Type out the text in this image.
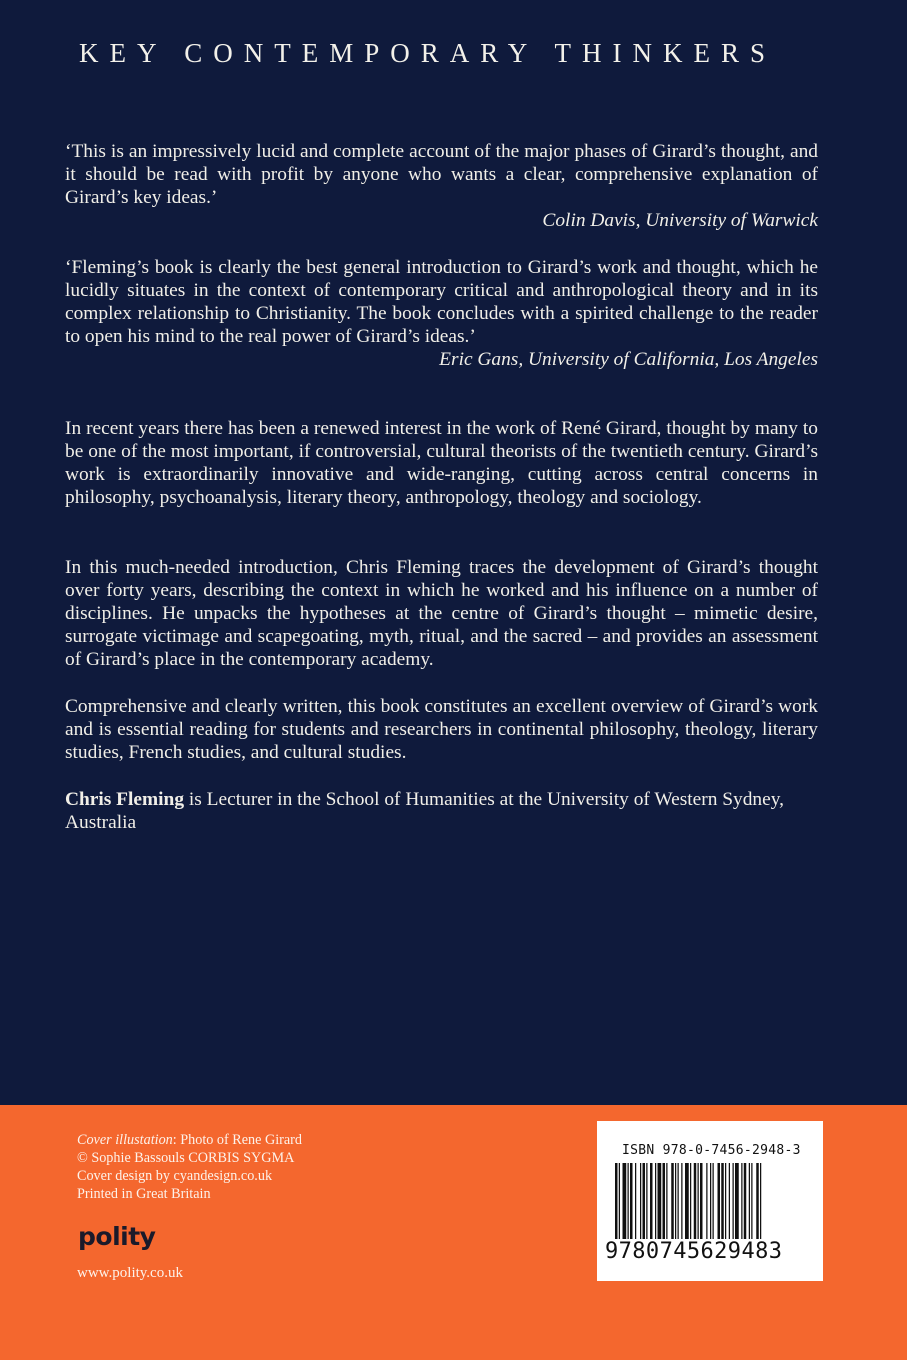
KEY CONTEMPORARY THINKERS
‘This is an impressively lucid and complete account of the major phases of Girard’s thought, and it should be read with profit by anyone who wants a clear, comprehensive explanation of Girard’s key ideas.’
Colin Davis, University of Warwick
‘Fleming’s book is clearly the best general introduction to Girard’s work and thought, which he lucidly situates in the context of contemporary critical and anthropological theory and in its complex relationship to Christianity. The book concludes with a spirited challenge to the reader to open his mind to the real power of Girard’s ideas.’
Eric Gans, University of California, Los Angeles
In recent years there has been a renewed interest in the work of René Girard, thought by many to be one of the most important, if controversial, cultural theorists of the twentieth century. Girard’s work is extraordinarily innovative and wide-ranging, cutting across central concerns in philosophy, psychoanalysis, literary theory, anthropology, theology and sociology.
In this much-needed introduction, Chris Fleming traces the development of Girard’s thought over forty years, describing the context in which he worked and his influence on a number of disciplines. He unpacks the hypotheses at the centre of Girard’s thought – mimetic desire, surrogate victimage and scapegoating, myth, ritual, and the sacred – and provides an assessment of Girard’s place in the contemporary academy.
Comprehensive and clearly written, this book constitutes an excellent overview of Girard’s work and is essential reading for students and researchers in continental philosophy, theology, literary studies, French studies, and cultural studies.
Chris Fleming is Lecturer in the School of Humanities at the University of Western Sydney, Australia
Cover illustation: Photo of Rene Girard
© Sophie Bassouls CORBIS SYGMA
Cover design by cyandesign.co.uk
Printed in Great Britain
polity
www.polity.co.uk
ISBN 978-0-7456-2948-3
9780745629483
